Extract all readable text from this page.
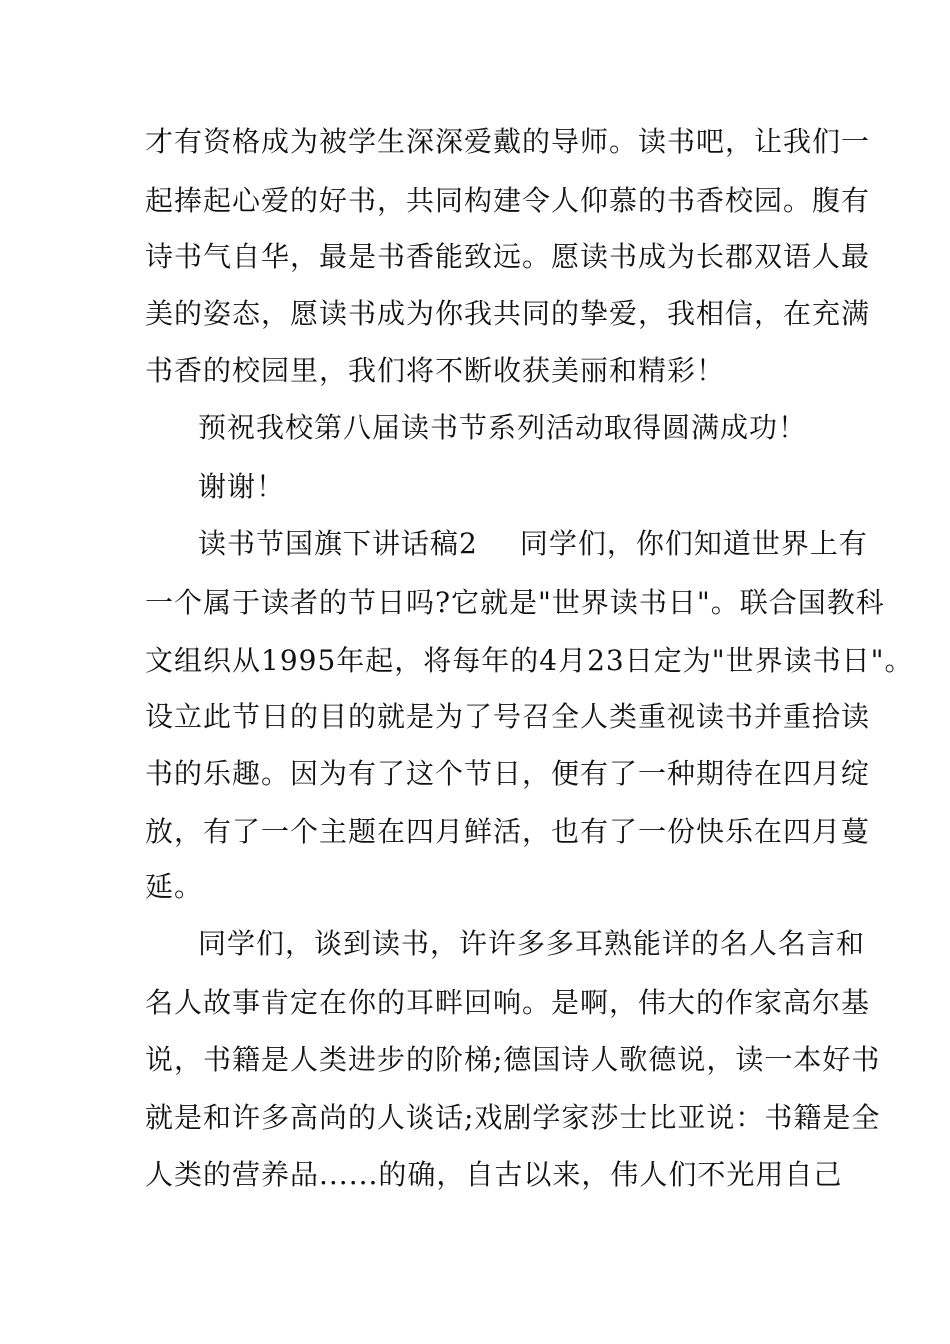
才有资格成为被学生深深爱戴的导师。读书吧，让我们一
起捧起心爱的好书，共同构建令人仰慕的书香校园。腹有
诗书气自华，最是书香能致远。愿读书成为长郡双语人最
美的姿态，愿读书成为你我共同的挚爱，我相信，在充满
书香的校园里，我们将不断收获美丽和精彩！
预祝我校第八届读书节系列活动取得圆满成功！
谢谢！
读书节国旗下讲话稿2 同学们，你们知道世界上有
一个属于读者的节日吗?它就是"世界读书日"。联合国教科
文组织从1995年起，将每年的4月23日定为"世界读书日"。
设立此节日的目的就是为了号召全人类重视读书并重拾读
书的乐趣。因为有了这个节日，便有了一种期待在四月绽
放，有了一个主题在四月鲜活，也有了一份快乐在四月蔓
延。
同学们，谈到读书，许许多多耳熟能详的名人名言和
名人故事肯定在你的耳畔回响。是啊，伟大的作家高尔基
说，书籍是人类进步的阶梯;德国诗人歌德说，读一本好书
就是和许多高尚的人谈话;戏剧学家莎士比亚说：书籍是全
人类的营养品......的确，自古以来，伟人们不光用自己
